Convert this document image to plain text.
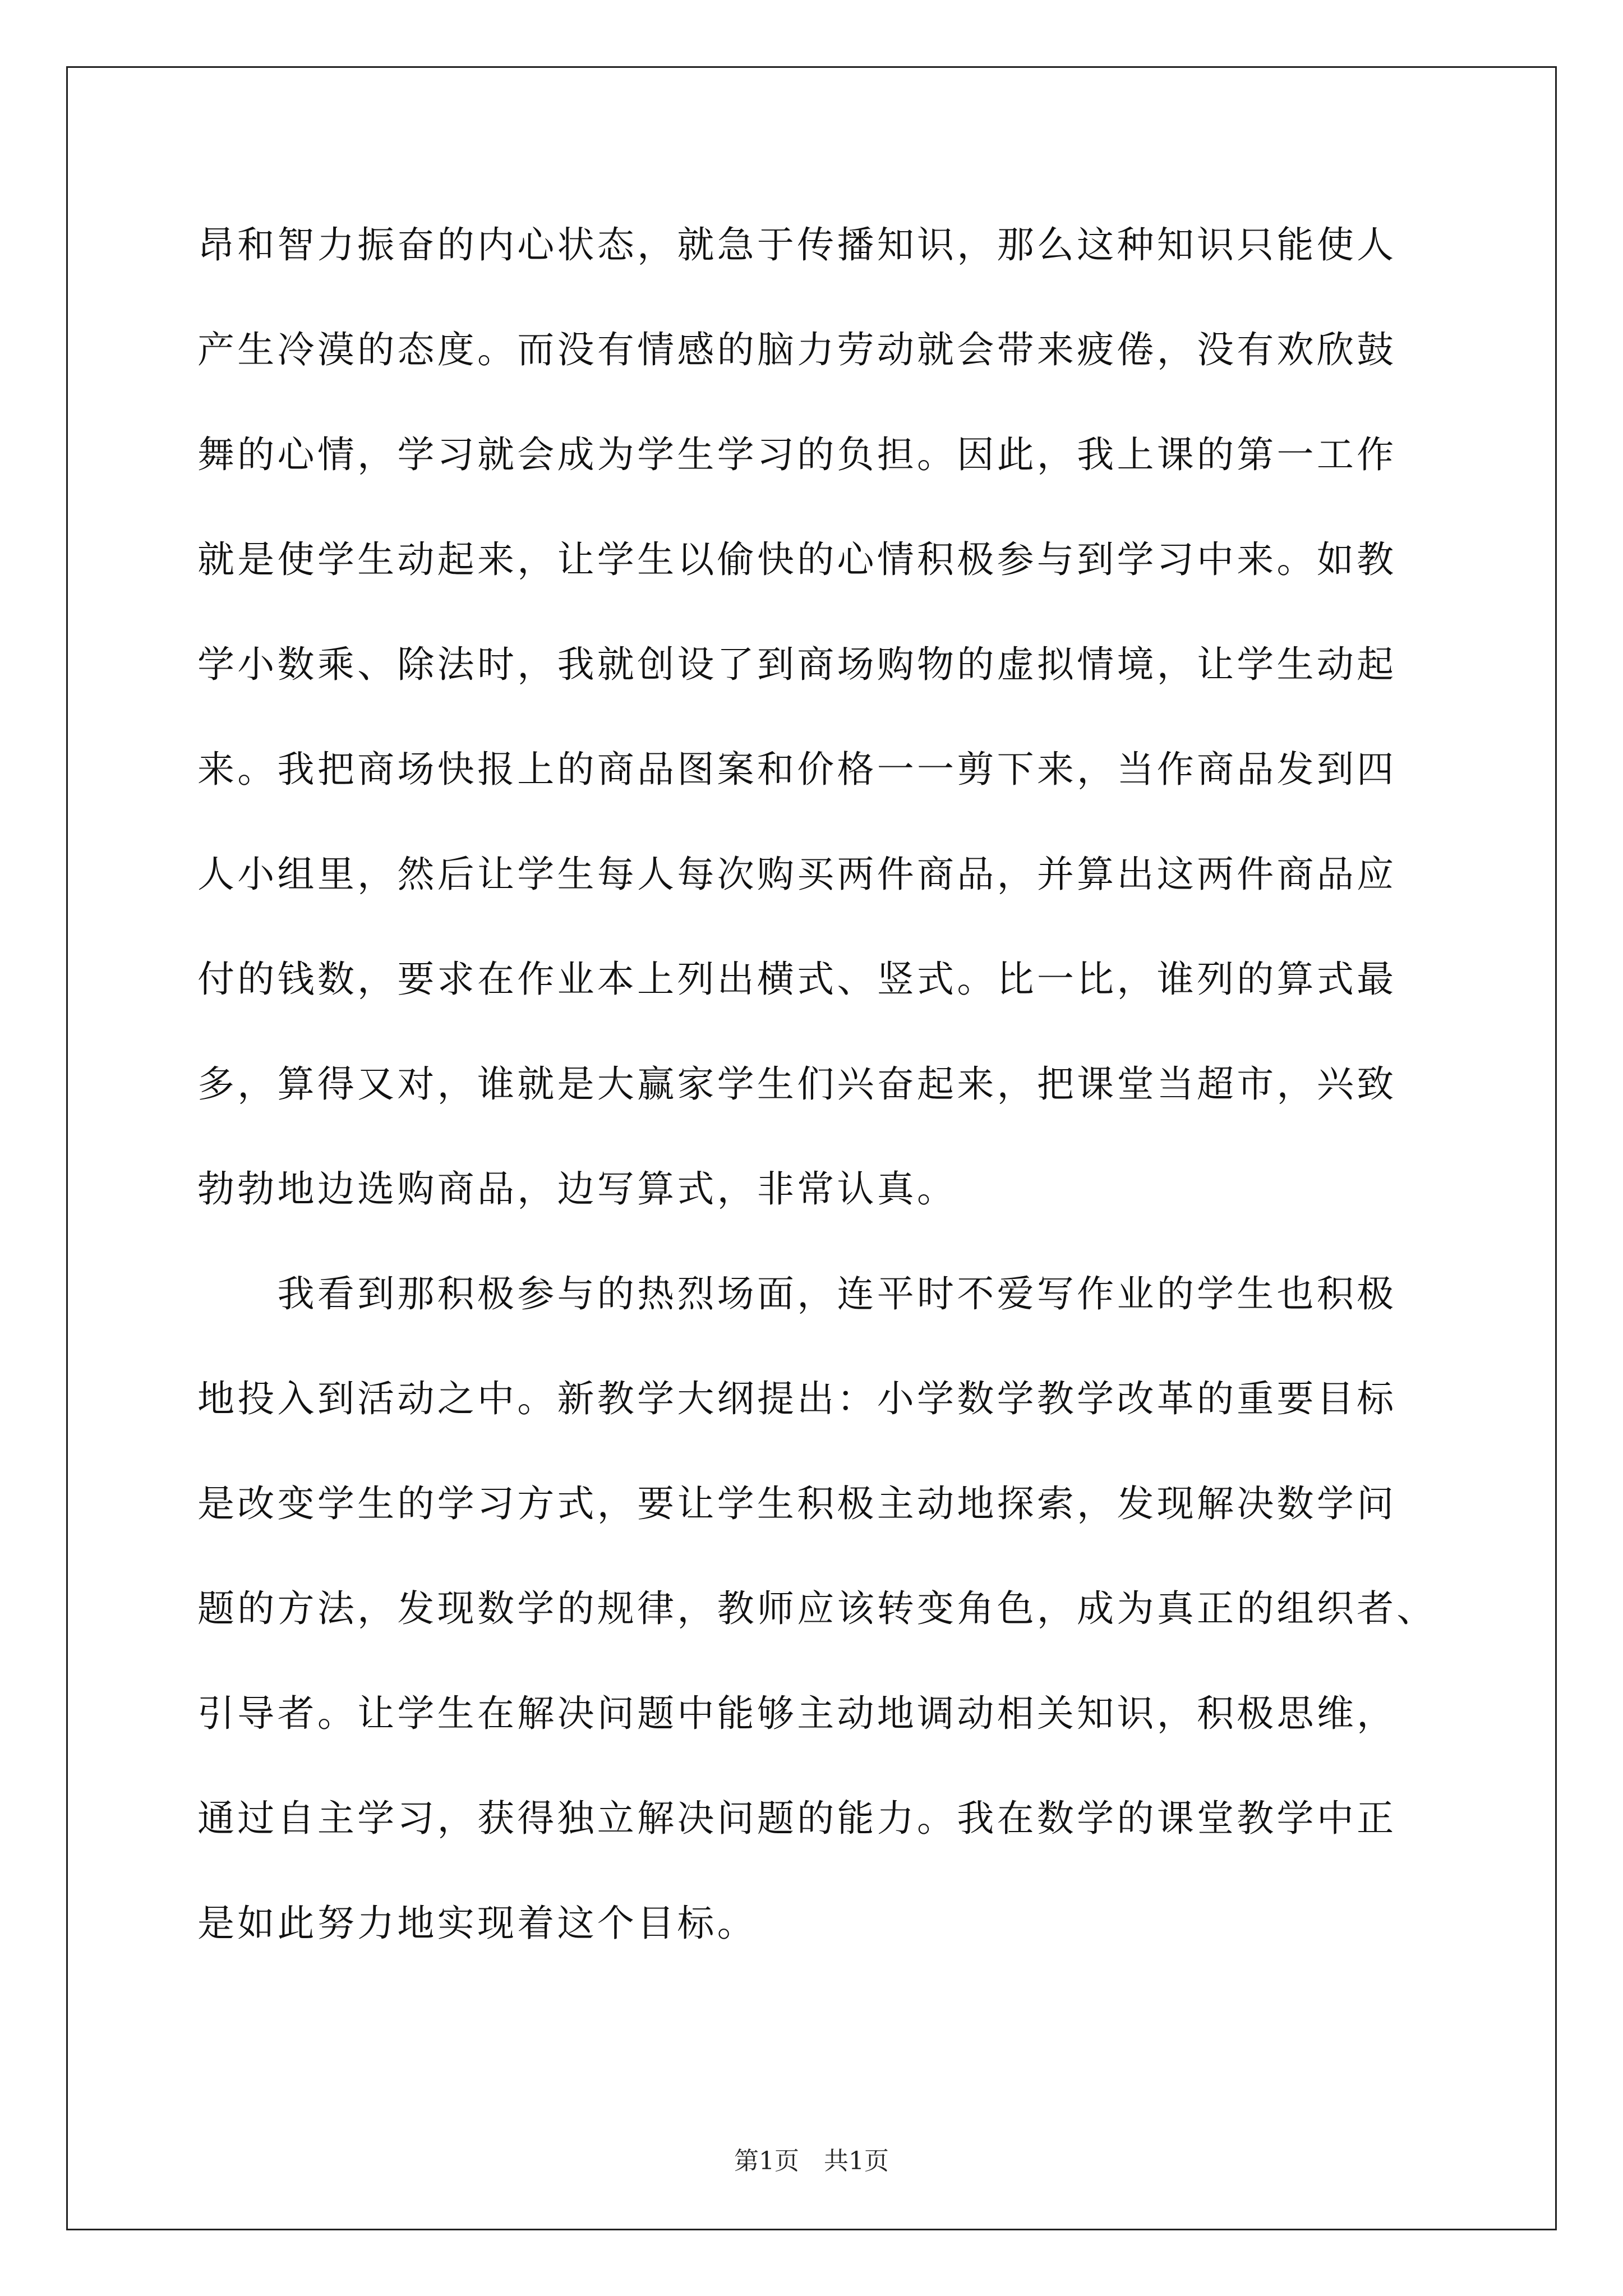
昂和智力振奋的内心状态，就急于传播知识，那么这种知识只能使人
产生冷漠的态度。而没有情感的脑力劳动就会带来疲倦，没有欢欣鼓
舞的心情，学习就会成为学生学习的负担。因此，我上课的第一工作
就是使学生动起来，让学生以偷快的心情积极参与到学习中来。如教
学小数乘、除法时，我就创设了到商场购物的虚拟情境，让学生动起
来。我把商场快报上的商品图案和价格一一剪下来，当作商品发到四
人小组里，然后让学生每人每次购买两件商品，并算出这两件商品应
付的钱数，要求在作业本上列出横式、竖式。比一比，谁列的算式最
多，算得又对，谁就是大赢家学生们兴奋起来，把课堂当超市，兴致
勃勃地边选购商品，边写算式，非常认真。
　　我看到那积极参与的热烈场面，连平时不爱写作业的学生也积极
地投入到活动之中。新教学大纲提出：小学数学教学改革的重要目标
是改变学生的学习方式，要让学生积极主动地探索，发现解决数学问
题的方法，发现数学的规律，教师应该转变角色，成为真正的组织者、
引导者。让学生在解决问题中能够主动地调动相关知识，积极思维，
通过自主学习，获得独立解决问题的能力。我在数学的课堂教学中正
是如此努力地实现着这个目标。
第1页　共1页
